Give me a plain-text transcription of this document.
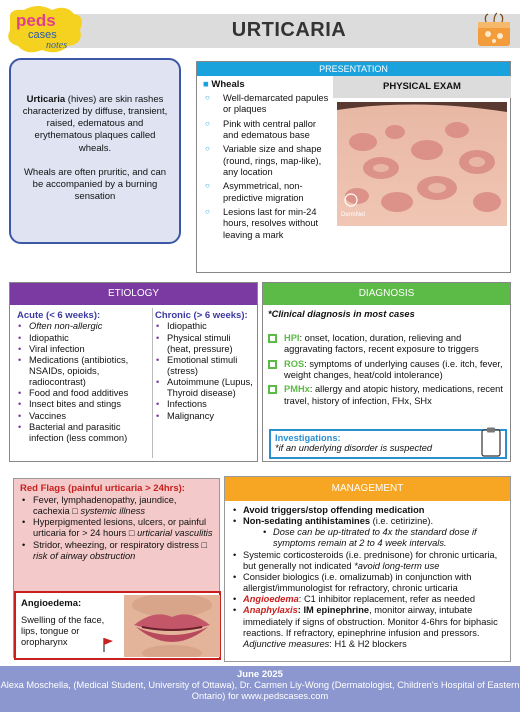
URTICARIA
peds
cases
notes

Urticaria (hives) are skin rashes characterized by diffuse, transient, raised, edematous and erythematous plaques called wheals.

Wheals are often pruritic, and can be accompanied by a burning sensation

PRESENTATION
■ Wheals
○ Well-demarcated papules or plaques
○ Pink with central pallor and edematous base
○ Variable size and shape (round, rings, map-like), any location
○ Asymmetrical, non-predictive migration
○ Lesions last for min-24 hours, resolves without leaving a mark
PHYSICAL EXAM
DermNet
ETIOLOGY
Acute (< 6 weeks):
• Often non-allergic
• Idiopathic
• Viral infection
• Medications (antibiotics, NSAIDs, opioids, radiocontrast)
• Food and food additives
• Insect bites and stings
• Vaccines
• Bacterial and parasitic infection (less common)
Chronic (> 6 weeks):
• Idiopathic
• Physical stimuli (heat, pressure)
• Emotional stimuli (stress)
• Autoimmune (Lupus, Thyroid disease)
• Infections
• Malignancy
DIAGNOSIS
*Clinical diagnosis in most cases
HPI: onset, location, duration, relieving and aggravating factors, recent exposure to triggers
ROS: symptoms of underlying causes (i.e. itch, fever, weight changes, heat/cold intolerance)
PMHx: allergy and atopic history, medications, recent travel, history of infection, FHx, SHx
Investigations:
*if an underlying disorder is suspected
Red Flags (painful urticaria > 24hrs):
• Fever, lymphadenopathy, jaundice, cachexia □ systemic illness
• Hyperpigmented lesions, ulcers, or painful urticaria for > 24 hours □ urticarial vasculitis
• Stridor, wheezing, or respiratory distress □ risk of airway obstruction
Angioedema:
Swelling of the face, lips, tongue or oropharynx
MANAGEMENT
• Avoid triggers/stop offending medication
• Non-sedating antihistamines (i.e. cetirizine).
• Dose can be up-titrated to 4x the standard dose if symptoms remain at 2 to 4 week intervals.
• Systemic corticosteroids (i.e. prednisone) for chronic urticaria, but generally not indicated *avoid long-term use
• Consider biologics (i.e. omalizumab) in conjunction with allergist/immunologist for refractory, chronic urticaria
• Angioedema: C1 inhibitor replacement, refer as needed
• Anaphylaxis: IM epinephrine, monitor airway, intubate immediately if signs of obstruction. Monitor 4-6hrs for biphasic reactions. If refractory, epinephrine infusion and pressors. Adjunctive measures: H1 & H2 blockers
June 2025
Alexa Moschella, (Medical Student, University of Ottawa), Dr. Carmen Liy-Wong (Dermatologist, Children's Hospital of Eastern Ontario) for www.pedscases.com
